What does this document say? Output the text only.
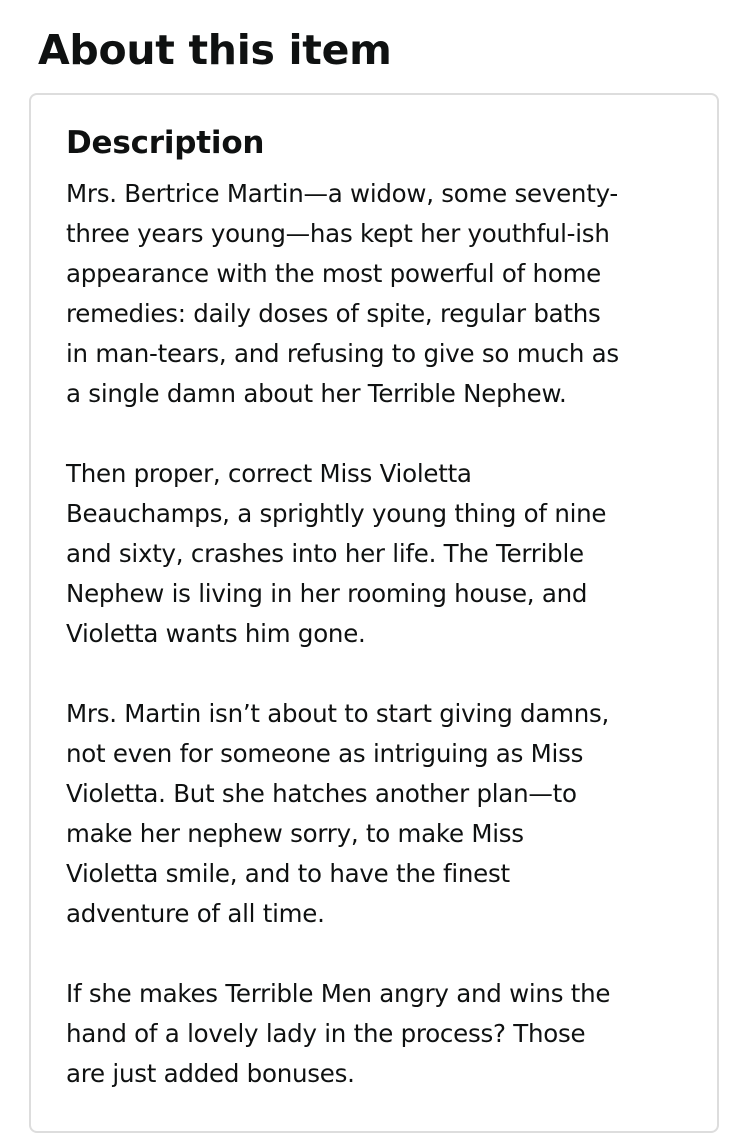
About this item
Description

Mrs. Bertrice Martin—a widow, some seventy-
three years young—has kept her youthful-ish
appearance with the most powerful of home
remedies: daily doses of spite, regular baths
in man-tears, and refusing to give so much as
a single damn about her Terrible Nephew.

Then proper, correct Miss Violetta
Beauchamps, a sprightly young thing of nine
and sixty, crashes into her life. The Terrible
Nephew is living in her rooming house, and
Violetta wants him gone.

Mrs. Martin isn’t about to start giving damns,
not even for someone as intriguing as Miss
Violetta. But she hatches another plan—to
make her nephew sorry, to make Miss
Violetta smile, and to have the finest
adventure of all time.

If she makes Terrible Men angry and wins the
hand of a lovely lady in the process? Those
are just added bonuses.
